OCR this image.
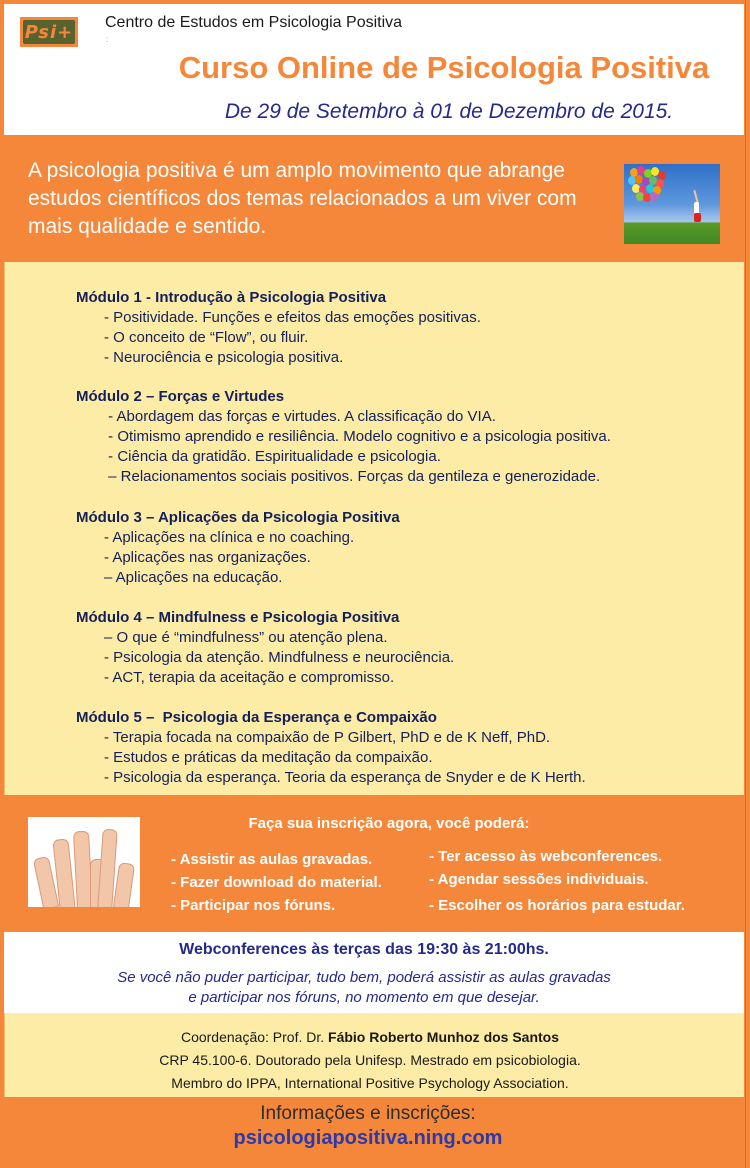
Psi+ Centro de Estudos em Psicologia Positiva
:
Curso Online de Psicologia Positiva
De 29 de Setembro à 01 de Dezembro de 2015.
A psicologia positiva é um amplo movimento que abrange estudos científicos dos temas relacionados a um viver com mais qualidade e sentido.
Módulo 1 - Introdução à Psicologia Positiva
- Positividade. Funções e efeitos das emoções positivas.
- O conceito de “Flow”, ou fluir.
- Neurociência e psicologia positiva.
Módulo 2 – Forças e Virtudes
- Abordagem das forças e virtudes. A classificação do VIA.
- Otimismo aprendido e resiliência. Modelo cognitivo e a psicologia positiva.
- Ciência da gratidão. Espiritualidade e psicologia.
– Relacionamentos sociais positivos. Forças da gentileza e generozidade.
Módulo 3 – Aplicações da Psicologia Positiva
- Aplicações na clínica e no coaching.
- Aplicações nas organizações.
– Aplicações na educação.
Módulo 4 – Mindfulness e Psicologia Positiva
– O que é “mindfulness” ou atenção plena.
- Psicologia da atenção. Mindfulness e neurociência.
- ACT, terapia da aceitação e compromisso.
Módulo 5 –  Psicologia da Esperança e Compaixão
- Terapia focada na compaixão de P Gilbert, PhD e de K Neff, PhD.
- Estudos e práticas da meditação da compaixão.
- Psicologia da esperança. Teoria da esperança de Snyder e de K Herth.
Faça sua inscrição agora, você poderá:
- Assistir as aulas gravadas.
- Fazer download do material.
- Participar nos fóruns.
- Ter acesso às webconferences.
- Agendar sessões individuais.
- Escolher os horários para estudar.
Webconferences às terças das 19:30 às 21:00hs.
Se você não puder participar, tudo bem, poderá assistir as aulas gravadas
e participar nos fóruns, no momento em que desejar.
Coordenação: Prof. Dr. Fábio Roberto Munhoz dos Santos
CRP 45.100-6. Doutorado pela Unifesp. Mestrado em psicobiologia.
Membro do IPPA, International Positive Psychology Association.
Informações e inscrições:
psicologiapositiva.ning.com
